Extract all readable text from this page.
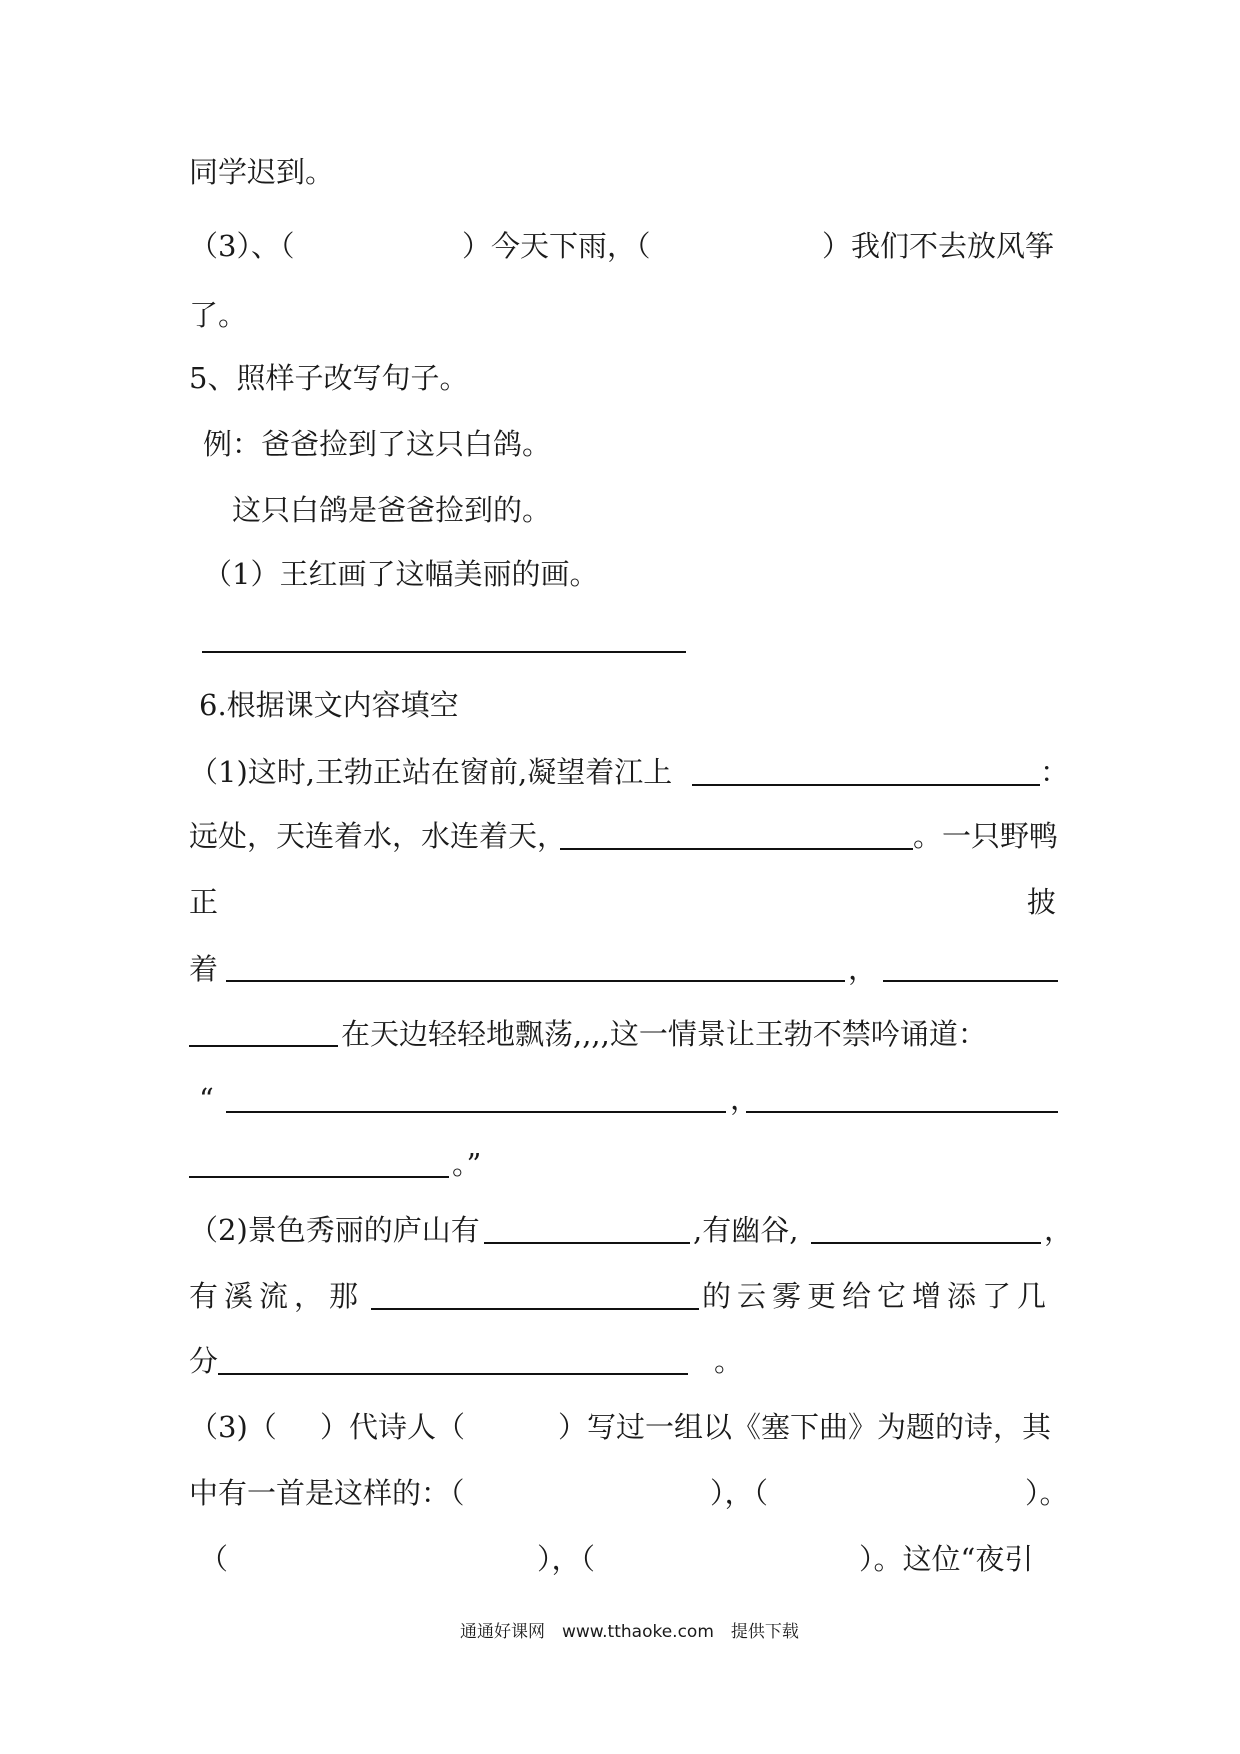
同学迟到。
（3）、（	）今天下雨，（	）我们不去放风筝
了。
5、照样子改写句子。
例：爸爸捡到了这只白鸽。
这只白鸽是爸爸捡到的。
（1）王红画了这幅美丽的画。
6.根据课文内容填空
（1)这时,王勃正站在窗前,凝望着江上	：
远处，天连着水，水连着天，	。一只野鸭
正	披
着	，
在天边轻轻地飘荡,,,,这一情景让王勃不禁吟诵道：
“	，
。”
（2)景色秀丽的庐山有	,有幽谷,	，
有溪流，那	的云雾更给它增添了几
分	。
（3)（ ）代诗人（	）写过一组以《塞下曲》为题的诗，其
中有一首是这样的：（	），（	）。
（	），（	）。这位“夜引
通通好课网　www.tthaoke.com　提供下载
